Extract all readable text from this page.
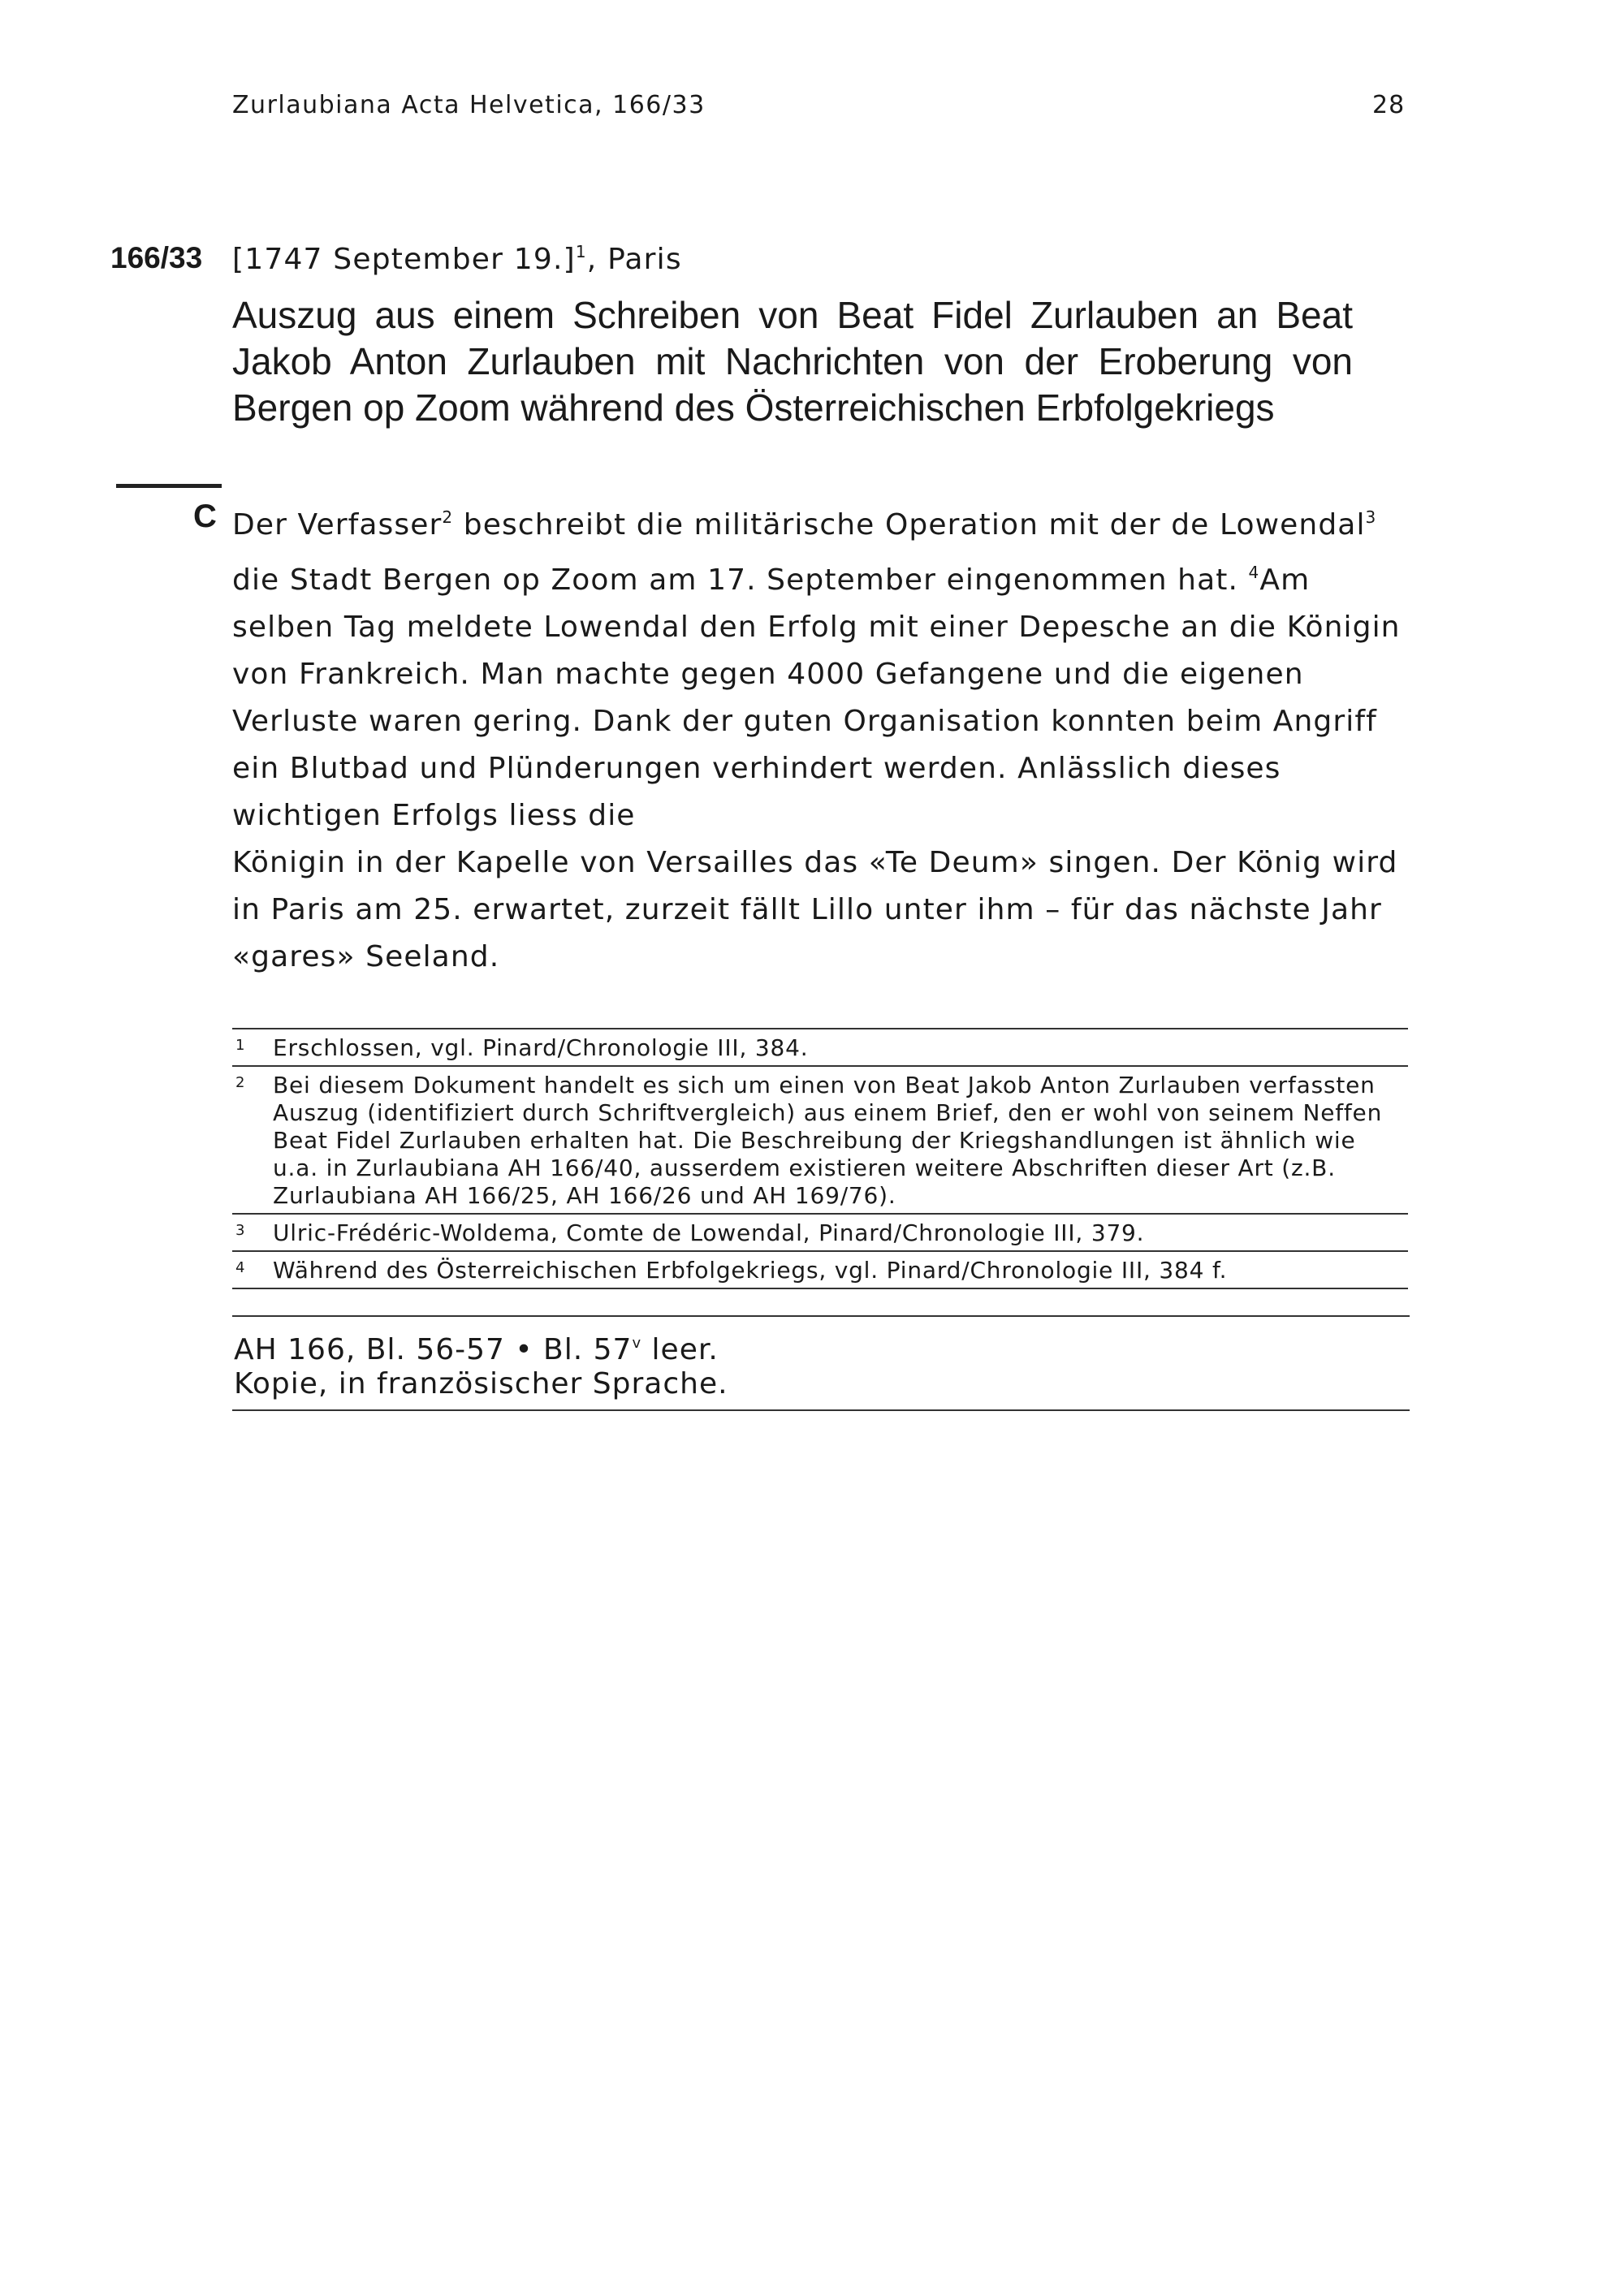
Zurlaubiana Acta Helvetica, 166/33	28
166/33 [1747 September 19.]$^1$, Paris
Auszug aus einem Schreiben von Beat Fidel Zurlauben an Beat Jakob Anton Zurlauben mit Nachrichten von der Eroberung von Bergen op Zoom während des Österreichischen Erbfolgekriegs
C Der Verfasser$^2$ beschreibt die militärische Operation mit der de Lowendal$^3$ die Stadt Bergen op Zoom am 17. September eingenommen hat. $^4$Am selben Tag meldete Lowendal den Erfolg mit einer Depesche an die Königin von Frankreich. Man machte gegen 4000 Gefangene und die eigenen Verluste waren gering. Dank der guten Organisation konnten beim Angriff ein Blutbad und Plünderungen verhindert werden. Anlässlich dieses wichtigen Erfolgs liess die

Königin in der Kapelle von Versailles das «Te Deum» singen. Der König wird in Paris am 25. erwartet, zurzeit fällt Lillo unter ihm – für das nächste Jahr «gares» Seeland.

1 Erschlossen, vgl. Pinard/Chronologie III, 384.
2 Bei diesem Dokument handelt es sich um einen von Beat Jakob Anton Zurlauben verfassten Auszug (identifiziert durch Schriftvergleich) aus einem Brief, den er wohl von seinem Neffen Beat Fidel Zurlauben erhalten hat. Die Beschreibung der Kriegshandlungen ist ähnlich wie u.a. in Zurlaubiana AH 166/40, ausserdem existieren weitere Abschriften dieser Art (z.B. Zurlaubiana AH 166/25, AH 166/26 und AH 169/76).
3 Ulric-Frédéric-Woldema, Comte de Lowendal, Pinard/Chronologie III, 379.
4 Während des Österreichischen Erbfolgekriegs, vgl. Pinard/Chronologie III, 384 f.
AH 166, Bl. 56-57 • Bl. 57$^v$ leer.
Kopie, in französischer Sprache.
